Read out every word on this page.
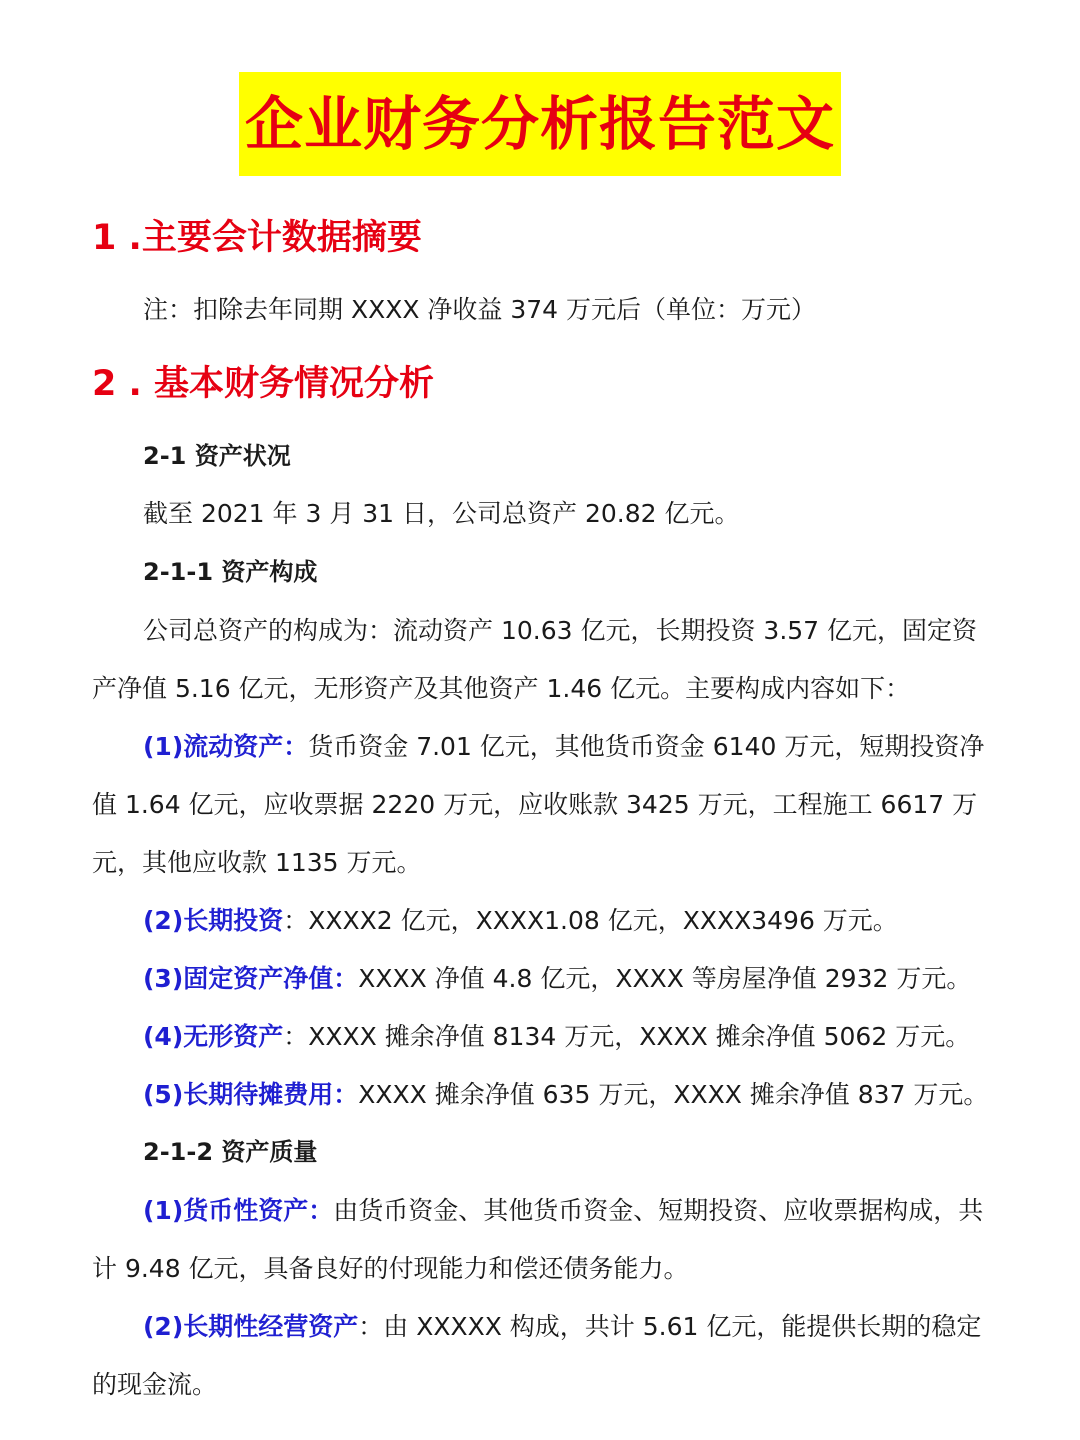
企业财务分析报告范文
1 .主要会计数据摘要

注：扣除去年同期 XXXX 净收益 374 万元后（单位：万元）

2 . 基本财务情况分析
2-1 资产状况

截至 2021 年 3 月 31 日，公司总资产 20.82 亿元。

2-1-1 资产构成

公司总资产的构成为：流动资产 10.63 亿元，长期投资 3.57 亿元，固定资产净值 5.16 亿元，无形资产及其他资产 1.46 亿元。主要构成内容如下：

(1)流动资产：货币资金 7.01 亿元，其他货币资金 6140 万元，短期投资净值 1.64 亿元，应收票据 2220 万元，应收账款 3425 万元，工程施工 6617 万元，其他应收款 1135 万元。

(2)长期投资：XXXX2 亿元，XXXX1.08 亿元，XXXX3496 万元。

(3)固定资产净值：XXXX 净值 4.8 亿元，XXXX 等房屋净值 2932 万元。

(4)无形资产：XXXX 摊余净值 8134 万元，XXXX 摊余净值 5062 万元。

(5)长期待摊费用：XXXX 摊余净值 635 万元，XXXX 摊余净值 837 万元。

2-1-2 资产质量

(1)货币性资产：由货币资金、其他货币资金、短期投资、应收票据构成，共计 9.48 亿元，具备良好的付现能力和偿还债务能力。

(2)长期性经营资产：由 XXXXX 构成，共计 5.61 亿元，能提供长期的稳定的现金流。
